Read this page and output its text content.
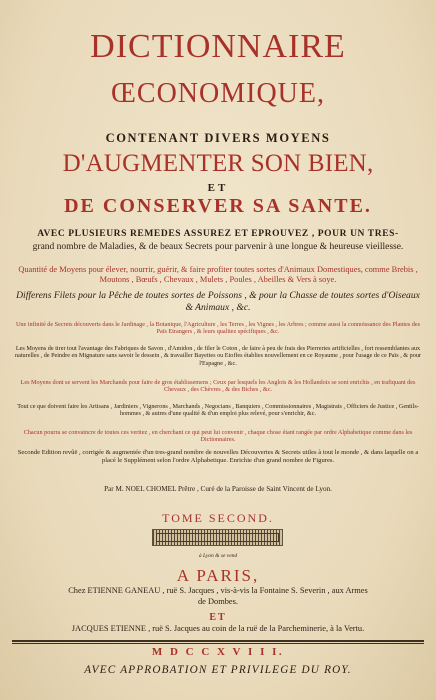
DICTIONNAIRE
ŒCONOMIQUE,
CONTENANT DIVERS MOYENS
D'AUGMENTER SON BIEN,
ET
DE CONSERVER SA SANTE.
AVEC PLUSIEURS REMEDES ASSUREZ ET EPROUVEZ , POUR UN TRES-
grand nombre de Maladies, & de beaux Secrets pour parvenir à une longue & heureuse vieillesse.
Quantité de Moyens pour élever, nourrir, guérir, & faire profiter toutes sortes d'Animaux Domestiques, comme Brebis , Moutons , Bœufs , Chevaux , Mulets , Poules , Abeilles & Vers à soye.
Differens Filets pour la Pêche de toutes sortes de Poissons , & pour la Chasse de toutes sortes d'Oiseaux & Animaux , &c.
Une infinité de Secrets découverts dans le Jardinage , la Botanique, l'Agriculture , les Terres , les Vignes , les Arbres ; comme aussi la connoissance des Plantes des Païs Etrangers , & leurs qualitez spécifiques , &c.
Les Moyens de tirer tout l'avantage des Fabriques de Savon , d'Amidon , de filer le Coton , de faire à peu de frais des Pierreries artificielles , fort ressemblantes aux naturelles , de Peindre en Mignature sans savoir le dessein , & travailler Bayettes ou Etoffes établies nouvellement en ce Royaume , pour l'usage de ce Païs , & pour l'Espagne , &c.
Les Moyens dont se servent les Marchands pour faire de gros établissemens ; Ceux par lesquels les Anglois & les Hollandois se sont enrichis , en trafiquant des Chevaux , des Chèvres , & des Biches , &c.
Tout ce que doivent faire les Artisans , Jardiniers , Vignerons , Marchands , Negocians , Banquiers , Commissionnaires , Magistrats , Officiers de Justice , Gentils-hommes , & autres d'une qualité & d'un emploi plus relevé, pour s'enrichir, &c.
Chacun pourra se convaincre de toutes ces veritez , en cherchant ce qui peut lui convenir , chaque chose étant rangée par ordre Alphabetique comme dans les Dictionnaires.
Seconde Edition revûë , corrigée & augmentée d'un tres-grand nombre de nouvelles Découvertes & Secrets utiles à tout le monde , & dans laquelle on a placé le Supplément selon l'ordre Alphabetique. Enrichie d'un grand nombre de Figures.
Par M. NOEL CHOMEL Prêtre , Curé de la Paroisse de Saint Vincent de Lyon.
TOME SECOND.
à Lyon & se vend
A PARIS,
Chez ETIENNE GANEAU , ruë S. Jacques , vis-à-vis la Fontaine S. Severin , aux Armes
de Dombes.
ET
JACQUES ETIENNE , ruë S. Jacques au coin de la ruë de la Parcheminerie, à la Vertu.
M D C C X V I I I.
AVEC APPROBATION ET PRIVILEGE DU ROY.
